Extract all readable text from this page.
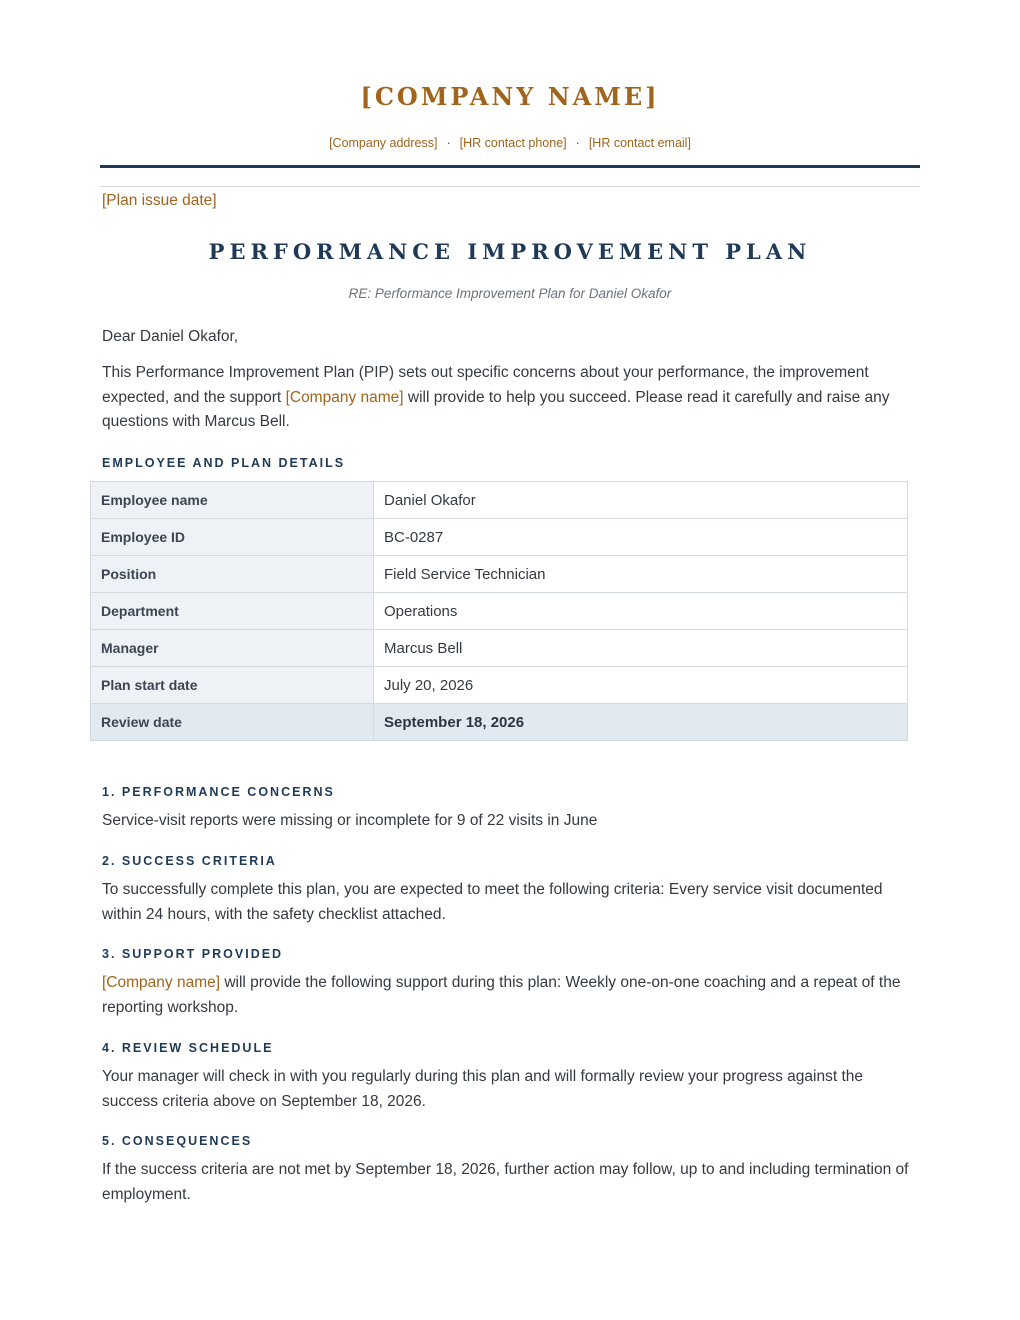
[COMPANY NAME]
[Company address] · [HR contact phone] · [HR contact email]
[Plan issue date]
PERFORMANCE IMPROVEMENT PLAN
RE: Performance Improvement Plan for Daniel Okafor
Dear Daniel Okafor,
This Performance Improvement Plan (PIP) sets out specific concerns about your performance, the improvement expected, and the support [Company name] will provide to help you succeed. Please read it carefully and raise any questions with Marcus Bell.
EMPLOYEE AND PLAN DETAILS
Employee name	Daniel Okafor
Employee ID	BC-0287
Position	Field Service Technician
Department	Operations
Manager	Marcus Bell
Plan start date	July 20, 2026
Review date	September 18, 2026
1. PERFORMANCE CONCERNS
Service-visit reports were missing or incomplete for 9 of 22 visits in June
2. SUCCESS CRITERIA
To successfully complete this plan, you are expected to meet the following criteria: Every service visit documented within 24 hours, with the safety checklist attached.
3. SUPPORT PROVIDED
[Company name] will provide the following support during this plan: Weekly one-on-one coaching and a repeat of the reporting workshop.
4. REVIEW SCHEDULE
Your manager will check in with you regularly during this plan and will formally review your progress against the success criteria above on September 18, 2026.
5. CONSEQUENCES
If the success criteria are not met by September 18, 2026, further action may follow, up to and including termination of employment.
